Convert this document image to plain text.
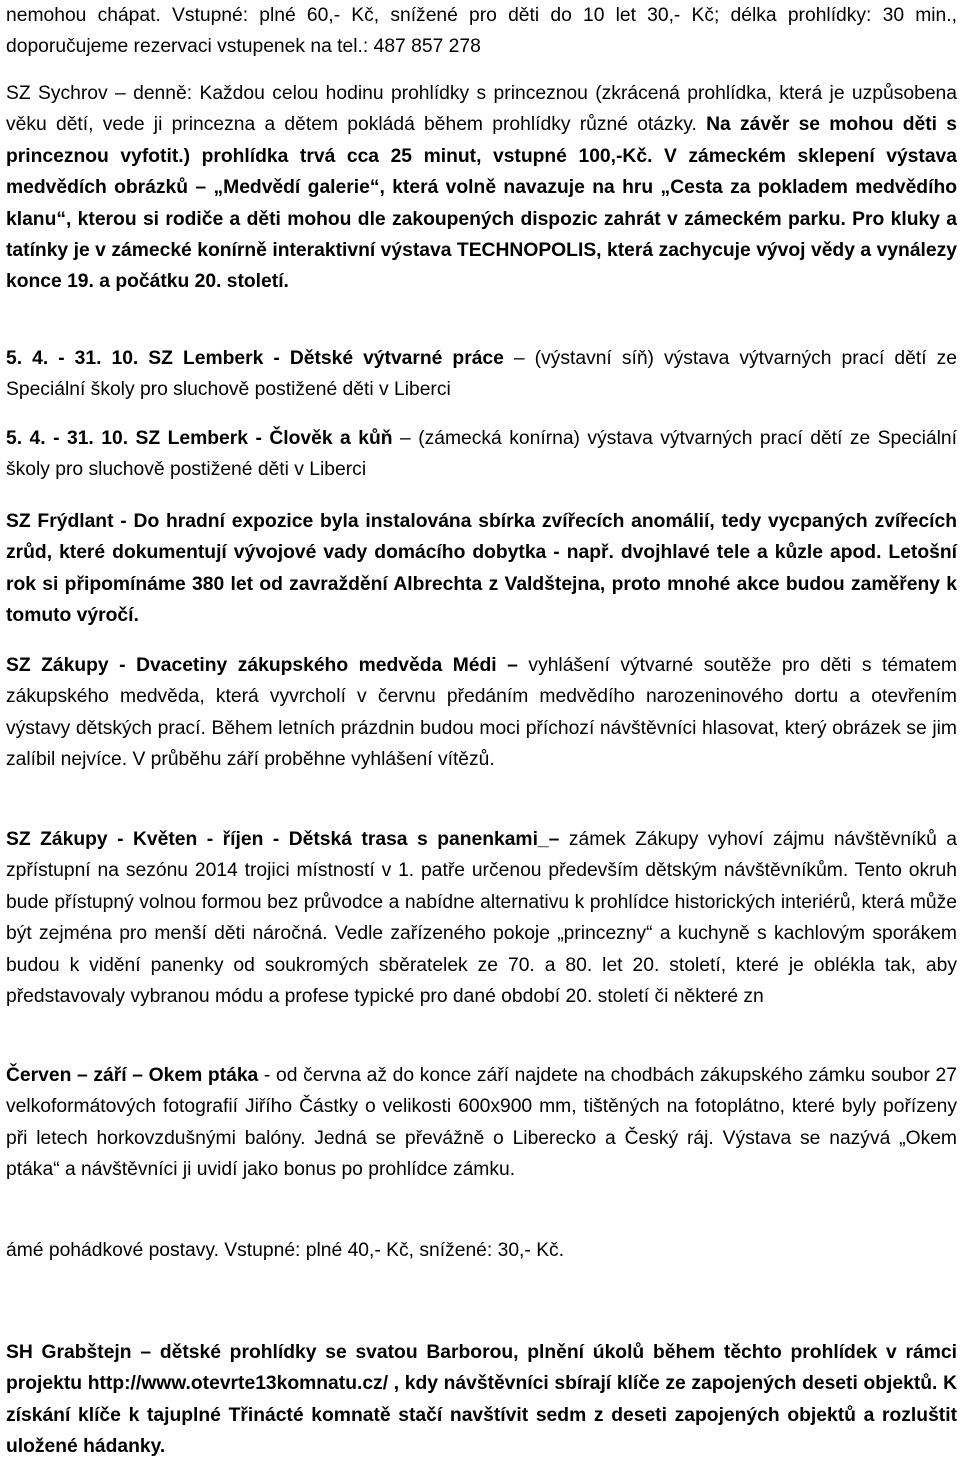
nemohou chápat. Vstupné: plné 60,- Kč, snížené pro děti do 10 let 30,- Kč; délka prohlídky: 30 min., doporučujeme rezervaci vstupenek na tel.: 487 857 278

SZ Sychrov – denně: Každou celou hodinu prohlídky s princeznou (zkrácená prohlídka, která je uzpůsobena věku dětí, vede ji princezna a dětem pokládá během prohlídky různé otázky. Na závěr se mohou děti s princeznou vyfotit.) prohlídka trvá cca 25 minut, vstupné 100,-Kč. V zámeckém sklepení výstava medvědích obrázků – „Medvědí galerie“, která volně navazuje na hru „Cesta za pokladem medvědího klanu“, kterou si rodiče a děti mohou dle zakoupených dispozic zahrát v zámeckém parku. Pro kluky a tatínky je v zámecké konírně interaktivní výstava TECHNOPOLIS, která zachycuje vývoj vědy a vynálezy konce 19. a počátku 20. století.

5. 4. - 31. 10. SZ Lemberk - Dětské výtvarné práce – (výstavní síň) výstava výtvarných prací dětí ze Speciální školy pro sluchově postižené děti v Liberci

5. 4. - 31. 10. SZ Lemberk - Člověk a kůň – (zámecká konírna) výstava výtvarných prací dětí ze Speciální školy pro sluchově postižené děti v Liberci

SZ Frýdlant - Do hradní expozice byla instalována sbírka zvířecích anomálií, tedy vycpaných zvířecích zrůd, které dokumentují vývojové vady domácího dobytka - např. dvojhlavé tele a kůzle apod. Letošní rok si připomínáme 380 let od zavraždění Albrechta z Valdštejna, proto mnohé akce budou zaměřeny k tomuto výročí.

SZ Zákupy - Dvacetiny zákupského medvěda Médi – vyhlášení výtvarné soutěže pro děti s tématem zákupského medvěda, která vyvrcholí v červnu předáním medvědího narozeninového dortu a otevřením výstavy dětských prací. Během letních prázdnin budou moci příchozí návštěvníci hlasovat, který obrázek se jim zalíbil nejvíce. V průběhu září proběhne vyhlášení vítězů.

SZ Zákupy - Květen - říjen - Dětská trasa s panenkami_– zámek Zákupy vyhoví zájmu návštěvníků a zpřístupní na sezónu 2014 trojici místností v 1. patře určenou především dětským návštěvníkům. Tento okruh bude přístupný volnou formou bez průvodce a nabídne alternativu k prohlídce historických interiérů, která může být zejména pro menší děti náročná. Vedle zařízeného pokoje „princezny“ a kuchyně s kachlovým sporákem budou k vidění panenky od soukromých sběratelek ze 70. a 80. let 20. století, které je oblékla tak, aby představovaly vybranou módu a profese typické pro dané období 20. století či některé zn

Červen – září – Okem ptáka - od června až do konce září najdete na chodbách zákupského zámku soubor 27 velkoformátových fotografií Jiřího Částky o velikosti 600x900 mm, tištěných na fotoplátno, které byly pořízeny při letech horkovzdušnými balóny. Jedná se převážně o Liberecko a Český ráj. Výstava se nazývá „Okem ptáka“ a návštěvníci ji uvidí jako bonus po prohlídce zámku.

ámé pohádkové postavy. Vstupné: plné 40,- Kč, snížené: 30,- Kč.

SH Grabštejn – dětské prohlídky se svatou Barborou, plnění úkolů během těchto prohlídek v rámci projektu http://www.otevrte13komnatu.cz/ , kdy návštěvníci sbírají klíče ze zapojených deseti objektů. K získání klíče k tajuplné Třinácté komnatě stačí navštívit sedm z deseti zapojených objektů a rozluštit uložené hádanky.
